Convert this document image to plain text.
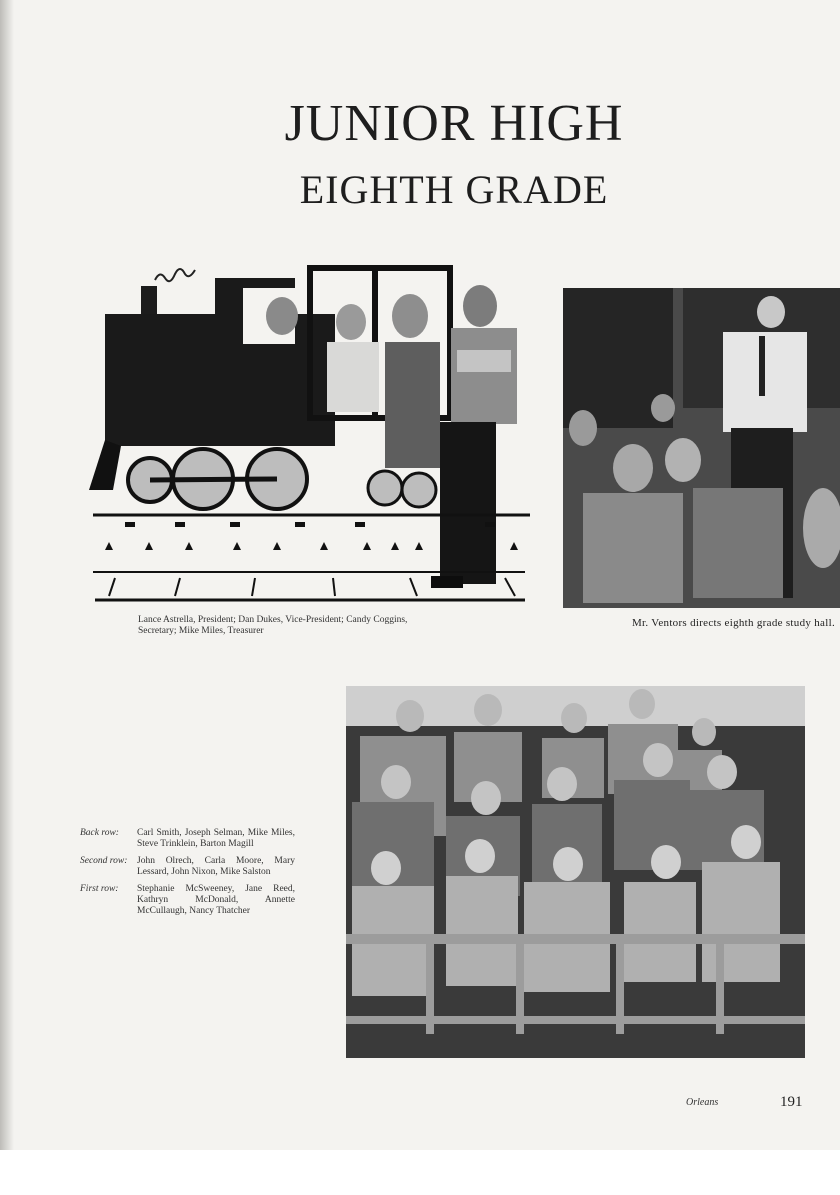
JUNIOR HIGH
EIGHTH GRADE
Lance Astrella, President; Dan Dukes, Vice-President; Candy Coggins, Secretary; Mike Miles, Treasurer
Mr. Ventors directs eighth grade study hall.
Back row:	Carl Smith, Joseph Selman, Mike Miles, Steve Trinklein, Barton Magill
Second row:	John Olrech, Carla Moore, Mary Lessard, John Nixon, Mike Salston
First row:	Stephanie McSweeney, Jane Reed, Kathryn McDonald, Annette McCullaugh, Nancy Thatcher
Orleans	191
